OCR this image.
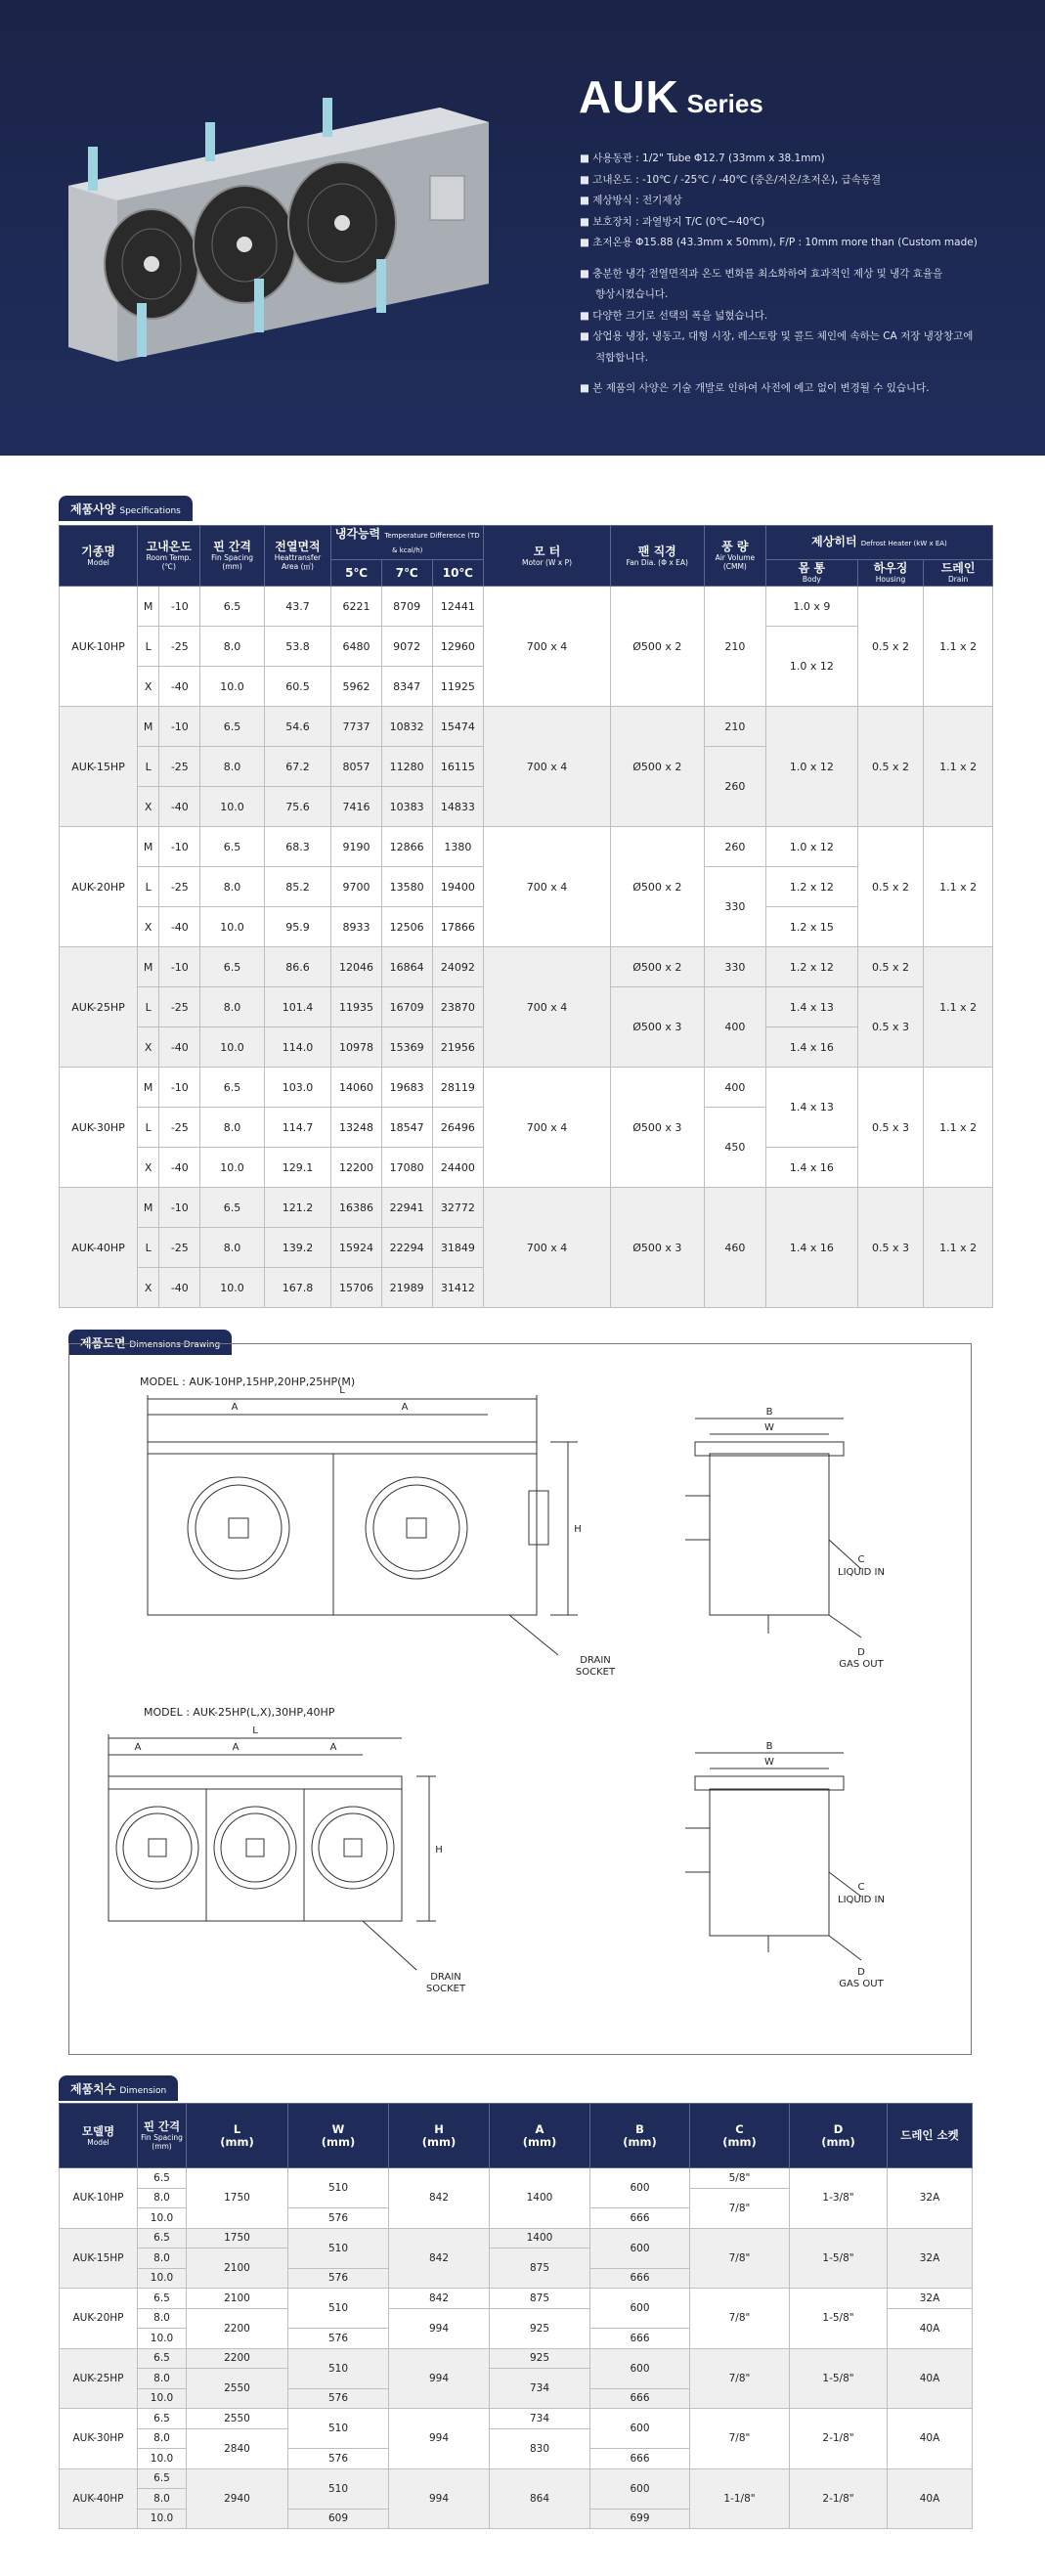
AUK Series
■ 사용동관 : 1/2" Tube Φ12.7 (33mm x 38.1mm)
■ 고내온도 : -10℃ / -25℃ / -40℃ (중온/저온/초저온), 급속동결
■ 제상방식 : 전기제상
■ 보호장치 : 과열방지 T/C (0℃~40℃)
■ 초저온용 Φ15.88 (43.3mm x 50mm), F/P : 10mm more than (Custom made)
■ 충분한 냉각 전열면적과 온도 변화를 최소화하여 효과적인 제상 및 냉각 효율을
향상시켰습니다.
■ 다양한 크기로 선택의 폭을 넓혔습니다.
■ 상업용 냉장, 냉동고, 대형 시장, 레스토랑 및 콜드 체인에 속하는 CA 저장 냉장창고에
적합합니다.
■ 본 제품의 사양은 기술 개발로 인하여 사전에 예고 없이 변경될 수 있습니다.
제품사양 Specifications
기종명
Model	고내온도
Room Temp. (℃)		핀 간격
Fin Spacing (mm)	전열면적
Heattransfer Area (㎡)	냉각능력 Temperature Difference (TD & kcal/h)			모 터
Motor (W x P)	팬 직경
Fan Dia. (Φ x EA)	풍 량
Air Volume (CMM)	제상히터 Defrost Heater (kW x EA)		
					5℃	7℃	10℃				몸 통
Body	하우징
Housing	드레인
Drain

AUK-10HP	M	-10	6.5	43.7	6221	8709	12441	700 x 4	Ø500 x 2	210	1.0 x 9	0.5 x 2	1.1 x 2
	L	-25	8.0	53.8	6480	9072	12960				1.0 x 12		
	X	-40	10.0	60.5	5962	8347	11925						
AUK-15HP	M	-10	6.5	54.6	7737	10832	15474	700 x 4	Ø500 x 2	210	1.0 x 12	0.5 x 2	1.1 x 2
	L	-25	8.0	67.2	8057	11280	16115			260			
	X	-40	10.0	75.6	7416	10383	14833						
AUK-20HP	M	-10	6.5	68.3	9190	12866	1380	700 x 4	Ø500 x 2	260	1.0 x 12	0.5 x 2	1.1 x 2
	L	-25	8.0	85.2	9700	13580	19400			330	1.2 x 12		
	X	-40	10.0	95.9	8933	12506	17866				1.2 x 15		
AUK-25HP	M	-10	6.5	86.6	12046	16864	24092	700 x 4	Ø500 x 2	330	1.2 x 12	0.5 x 2	1.1 x 2
	L	-25	8.0	101.4	11935	16709	23870		Ø500 x 3	400	1.4 x 13	0.5 x 3	
	X	-40	10.0	114.0	10978	15369	21956				1.4 x 16		
AUK-30HP	M	-10	6.5	103.0	14060	19683	28119	700 x 4	Ø500 x 3	400	1.4 x 13	0.5 x 3	1.1 x 2
	L	-25	8.0	114.7	13248	18547	26496			450			
	X	-40	10.0	129.1	12200	17080	24400				1.4 x 16		
AUK-40HP	M	-10	6.5	121.2	16386	22941	32772	700 x 4	Ø500 x 3	460	1.4 x 16	0.5 x 3	1.1 x 2
	L	-25	8.0	139.2	15924	22294	31849						
	X	-40	10.0	167.8	15706	21989	31412						
제품도면 Dimensions Drawing
MODEL : AUK-10HP,15HP,20HP,25HP(M)
MODEL : AUK-25HP(L,X),30HP,40HP
L
A	A
H
DRAIN
SOCKET
B
W
C
LIQUID IN
D
GAS OUT
L
A	A	A
H
DRAIN
SOCKET
B
W
C
LIQUID IN
D
GAS OUT
제품치수 Dimension
모델명
Model	핀 간격
Fin Spacing (mm)	L
(mm)	W
(mm)	H
(mm)	A
(mm)	B
(mm)	C
(mm)	D
(mm)	드레인 소켓
AUK-10HP	6.5	1750	510	842	1400	600	5/8"	1-3/8"	32A
	8.0						7/8"		
	10.0		576			666			
AUK-15HP	6.5	1750	510	842	1400	600	7/8"	1-5/8"	32A
	8.0	2100			875				
	10.0		576			666			
AUK-20HP	6.5	2100	510	842	875	600	7/8"	1-5/8"	32A
	8.0	2200		994	925				40A
	10.0		576			666			
AUK-25HP	6.5	2200	510	994	925	600	7/8"	1-5/8"	40A
	8.0	2550			734				
	10.0		576			666			
AUK-30HP	6.5	2550	510	994	734	600	7/8"	2-1/8"	40A
	8.0	2840			830				
	10.0		576			666			
AUK-40HP	6.5	2940	510	994	864	600	1-1/8"	2-1/8"	40A
	8.0								
	10.0		609			699			
